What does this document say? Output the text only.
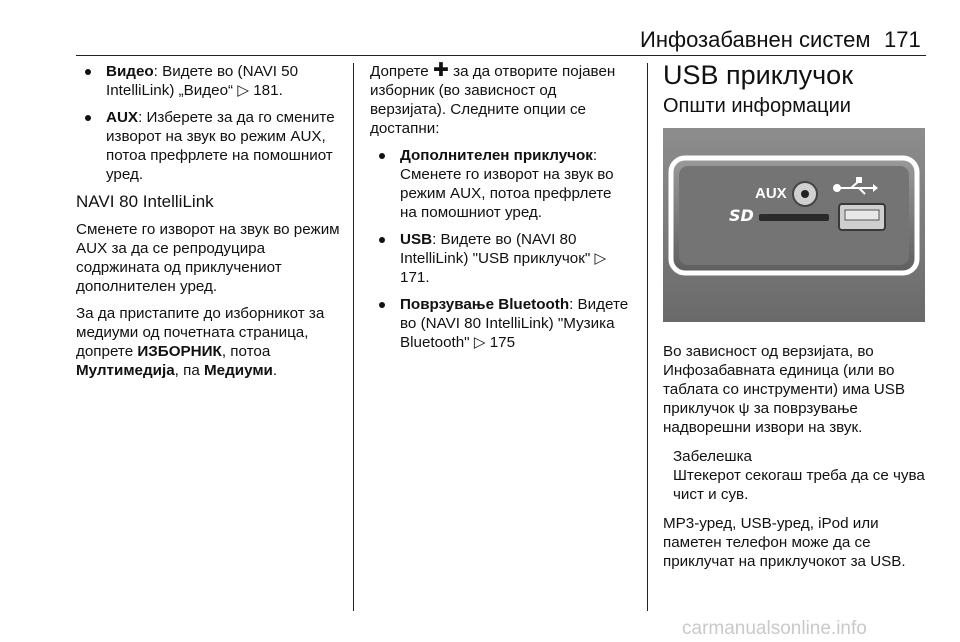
Инфозабавнен систем 171
Видео: Видете во (NAVI 50 IntelliLink) „Видео“ ▷ 181.
AUX: Изберете за да го смените изворот на звук во режим AUX, потоа префрлете на помошниот уред.
NAVI 80 IntelliLink

Сменете го изворот на звук во режим AUX за да се репродуцира содржината од приклучениот дополнителен уред.

За да пристапите до изборникот за медиуми од почетната страница, допрете ИЗБОРНИК, потоа Мултимедија, па Медиуми.

Допрете ✚ за да отворите појавен изборник (во зависност од верзијата). Следните опции се достапни:

Дополнителен приклучок: Сменете го изворот на звук во режим AUX, потоа префрлете на помошниот уред.
USB: Видете во (NAVI 80 IntelliLink) "USB приклучок" ▷ 171.
Поврзување Bluetooth: Видете во (NAVI 80 IntelliLink) "Музика Bluetooth" ▷ 175
USB приклучок
Општи информации
SD
AUX

Во зависност од верзијата, во Инфозабавната единица (или во таблата со инструменти) има USB приклучок ψ за поврзување надворешни извори на звук.

Забелешка
Штекерот секогаш треба да се чува чист и сув.

MP3-уред, USB-уред, iPod или паметен телефон може да се приклучат на приклучокот за USB.

carmanualsonline.info
